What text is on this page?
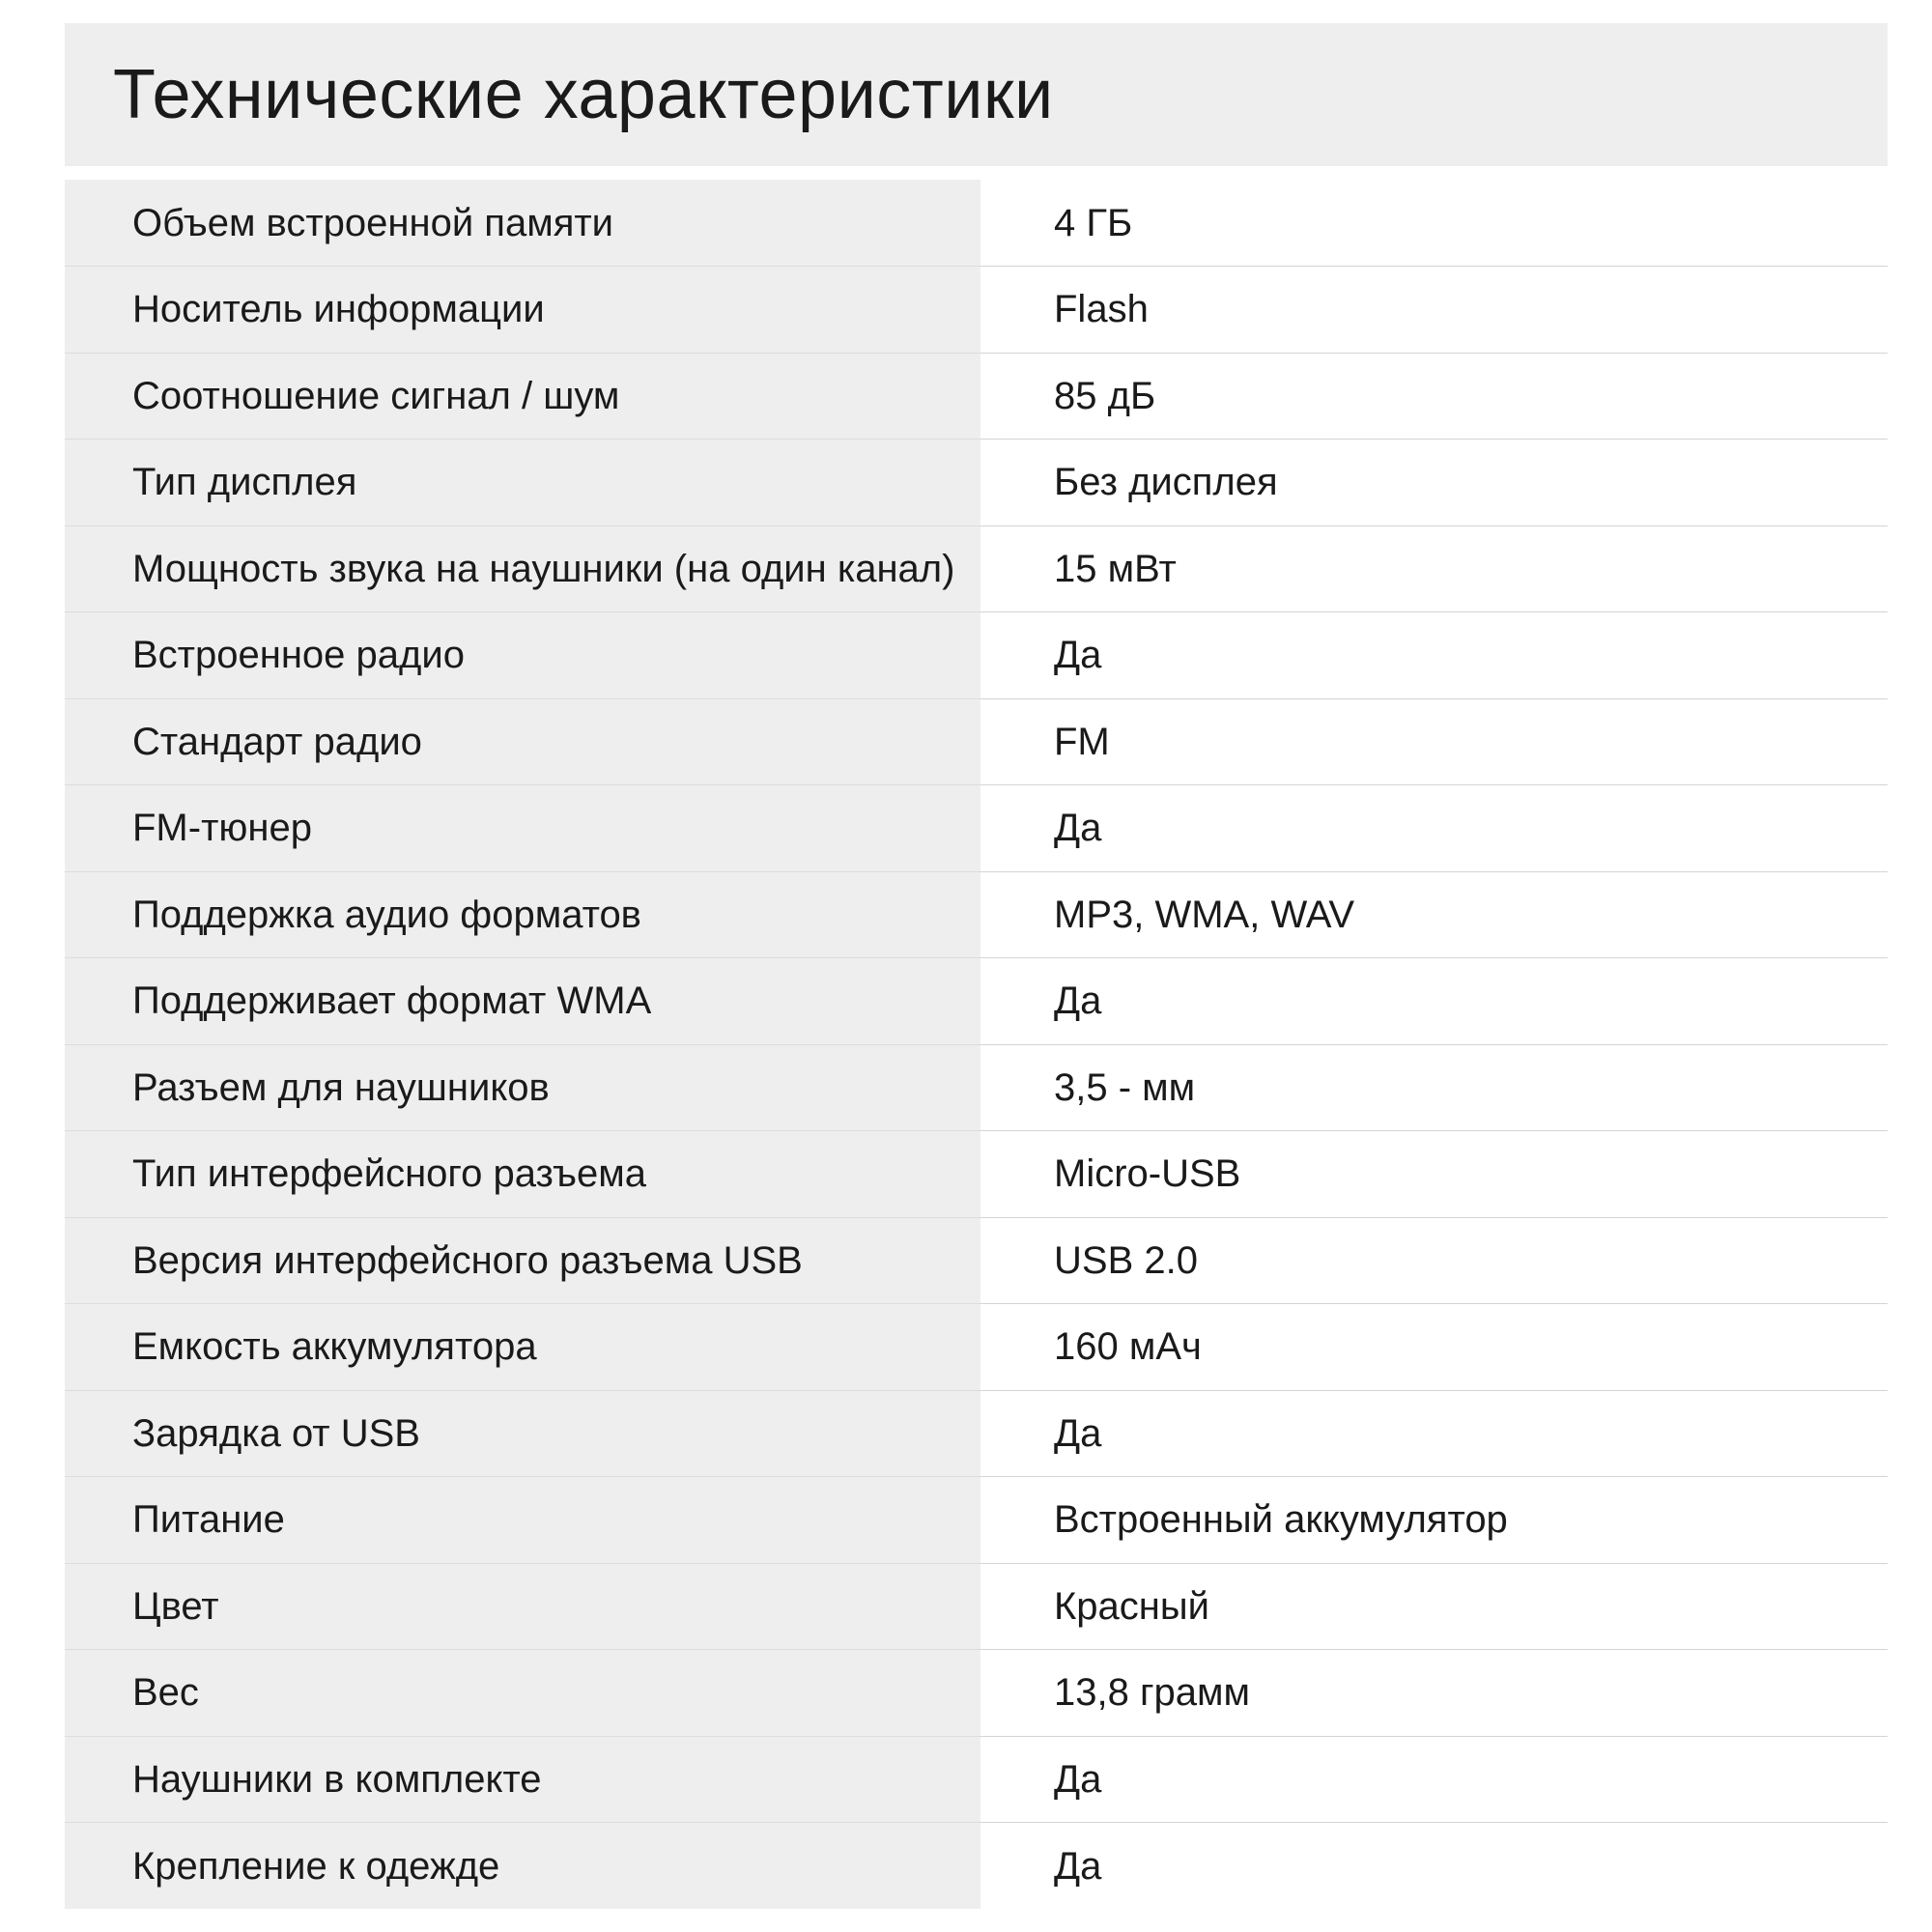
Технические характеристики
Объем встроенной памяти	4 ГБ
Носитель информации	Flash
Соотношение сигнал / шум	85 дБ
Тип дисплея	Без дисплея
Мощность звука на наушники (на один канал)	15 мВт
Встроенное радио	Да
Стандарт радио	FM
FM-тюнер	Да
Поддержка аудио форматов	MP3, WMA, WAV
Поддерживает формат WMA	Да
Разъем для наушников	3,5 - мм
Тип интерфейсного разъема	Micro-USB
Версия интерфейсного разъема USB	USB 2.0
Емкость аккумулятора	160 мАч
Зарядка от USB	Да
Питание	Встроенный аккумулятор
Цвет	Красный
Вес	13,8 грамм
Наушники в комплекте	Да
Крепление к одежде	Да
